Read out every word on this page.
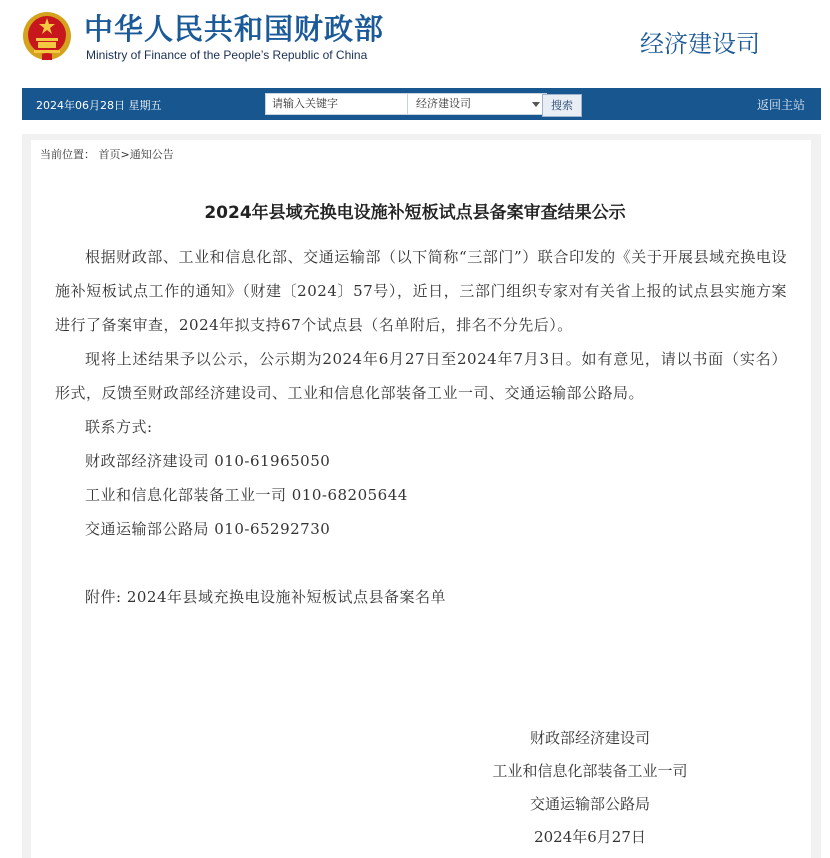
中华人民共和国财政部
Ministry of Finance of the People’s Republic of China	经济建设司
2024年06月28日 星期五	请输入关键字	经济建设司	搜索	返回主站
当前位置： 首页>通知公告
2024年县域充换电设施补短板试点县备案审查结果公示

根据财政部、工业和信息化部、交通运输部（以下简称“三部门”）联合印发的《关于开展县域充换电设施补短板试点工作的通知》（财建〔2024〕57号），近日，三部门组织专家对有关省上报的试点县实施方案进行了备案审查，2024年拟支持67个试点县（名单附后，排名不分先后）。

现将上述结果予以公示，公示期为2024年6月27日至2024年7月3日。如有意见，请以书面（实名）形式，反馈至财政部经济建设司、工业和信息化部装备工业一司、交通运输部公路局。

联系方式:

财政部经济建设司 010-61965050

工业和信息化部装备工业一司 010-68205644

交通运输部公路局 010-65292730

附件: 2024年县域充换电设施补短板试点县备案名单

财政部经济建设司
工业和信息化部装备工业一司
交通运输部公路局
2024年6月27日
